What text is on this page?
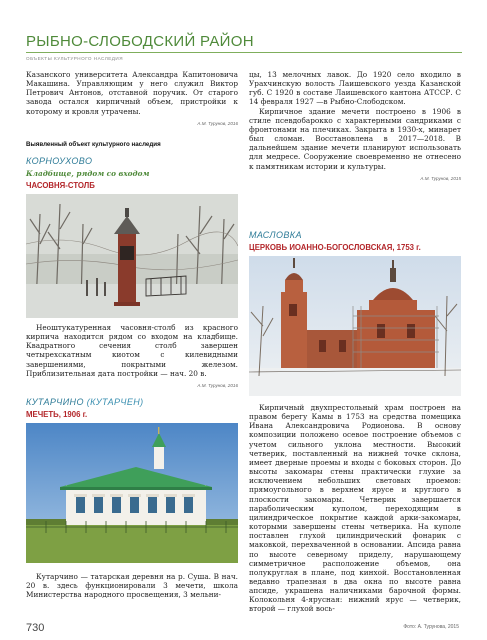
РЫБНО-СЛОБОДСКИЙ РАЙОН
ОБЪЕКТЫ КУЛЬТУРНОГО НАСЛЕДИЯ

Казанского университета Александра Капитоновича Макашина. Управляющим у него служил Виктор Петрович Антонов, отставной поручик. От старого завода остался кирпичный объем, пристройки к которому и кровля утрачены.

А.М. Турунов, 2016

Выявленный объект культурного наследия
КОРНОУХОВО
Кладбище, рядом со входом
ЧАСОВНЯ-СТОЛБ

Неоштукатуренная часовня-столб из красного кирпича находится рядом со входом на кладбище. Квадратного сечения столб завершен четырехскатным киотом с килевидными завершениями, покрытыми железом. Приблизительная дата постройки — нач. 20 в.

А.М. Турунов, 2016

КУТАРЧИНО (КУТАРЧЕН)
МЕЧЕТЬ, 1906 г.

Кутарчино — татарская деревня на р. Суша. В нач. 20 в. здесь функционировали 3 мечети, школа Министерства народного просвещения, 3 мельни-

цы, 13 мелочных лавок. До 1920 село входило в Урахчинскую волость Лаишевского уезда Казанской губ. С 1920 в составе Лаишевского кантона АТССР. С 14 февраля 1927 —в Рыбно-Слободском.

Кирпичное здание мечети построено в 1906 в стиле псевдобарокко с характерными сандриками с фронтонами на плечиках. Закрыта в 1930-х, минарет был сломан. Восстановлена в 2017—2018. В дальнейшем здание мечети планируют использовать для медресе. Сооружение своевременно не отнесено к памятникам истории и культуры.

А.М. Турунов, 2015

МАСЛОВКА
ЦЕРКОВЬ ИОАННО-БОГОСЛОВСКАЯ, 1753 г.

Кирпичный двухпрестольный храм построен на правом берегу Камы в 1753 на средства помещика Ивана Александровича Родионова. В основу композиции положено осевое построение объемов с учетом сильного уклона местности. Высокий четверик, поставленный на нижней точке склона, имеет дверные проемы и входы с боковых сторон. До высоты закомары стены практически глухие за исключением небольших световых проемов: прямоугольного в верхнем ярусе и круглого в плоскости закомары. Четверик завершается параболическим куполом, переходящим в цилиндрическое покрытие каждой арки-закомары, которыми завершены стены четверика. На куполе поставлен глухой цилиндрический фонарик с маковкой, перехваченной в основании. Апсида равна по высоте северному приделу, нарушающему симметричное расположение объемов, она полукруглая в плане, под кинхой. Восстановленная ведавно трапезная в два окна по высоте равна апсиде, украшена наличниками барочной формы. Колокольня 4-ярусная: нижний ярус — четверик, второй — глухой вось-

730	Фото: А. Турунова, 2015
